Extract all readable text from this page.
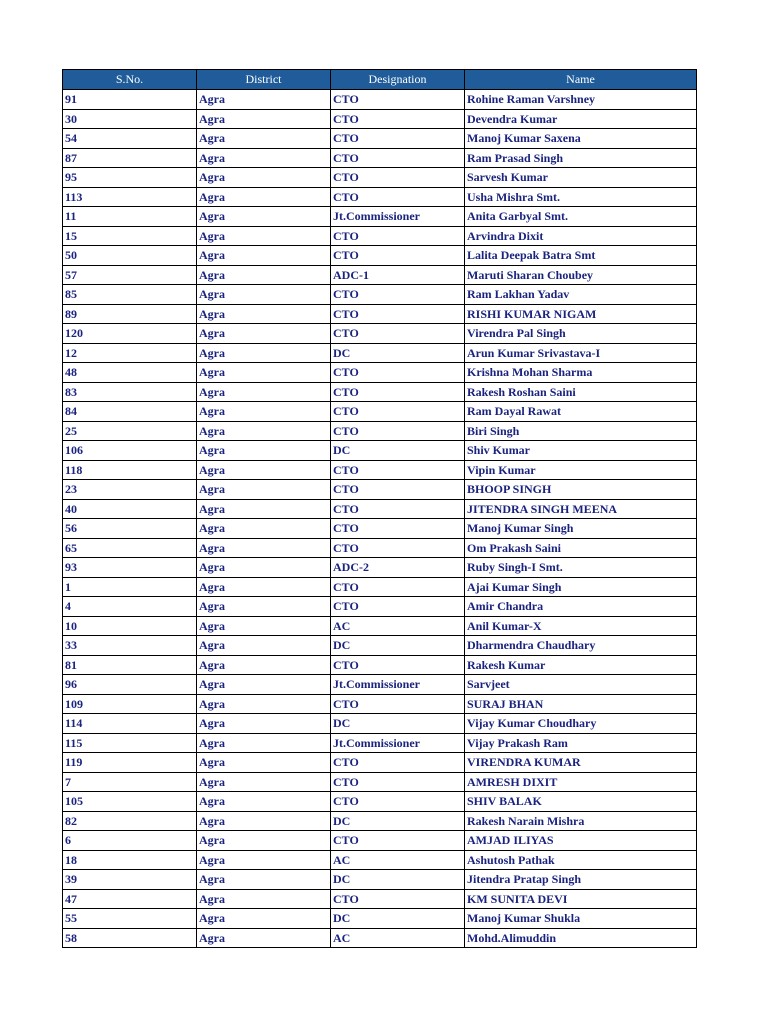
S.No.	District	Designation	Name
91	Agra	CTO	Rohine Raman Varshney
30	Agra	CTO	Devendra Kumar
54	Agra	CTO	Manoj Kumar Saxena
87	Agra	CTO	Ram Prasad Singh
95	Agra	CTO	Sarvesh Kumar
113	Agra	CTO	Usha Mishra Smt.
11	Agra	Jt.Commissioner	Anita Garbyal Smt.
15	Agra	CTO	Arvindra Dixit
50	Agra	CTO	Lalita Deepak Batra Smt
57	Agra	ADC-1	Maruti Sharan Choubey
85	Agra	CTO	Ram Lakhan Yadav
89	Agra	CTO	RISHI KUMAR NIGAM
120	Agra	CTO	Virendra Pal Singh
12	Agra	DC	Arun Kumar Srivastava-I
48	Agra	CTO	Krishna Mohan Sharma
83	Agra	CTO	Rakesh Roshan Saini
84	Agra	CTO	Ram Dayal Rawat
25	Agra	CTO	Biri Singh
106	Agra	DC	Shiv Kumar
118	Agra	CTO	Vipin Kumar
23	Agra	CTO	BHOOP SINGH
40	Agra	CTO	JITENDRA SINGH MEENA
56	Agra	CTO	Manoj Kumar Singh
65	Agra	CTO	Om Prakash Saini
93	Agra	ADC-2	Ruby Singh-I Smt.
1	Agra	CTO	Ajai Kumar Singh
4	Agra	CTO	Amir Chandra
10	Agra	AC	Anil Kumar-X
33	Agra	DC	Dharmendra Chaudhary
81	Agra	CTO	Rakesh Kumar
96	Agra	Jt.Commissioner	Sarvjeet
109	Agra	CTO	SURAJ BHAN
114	Agra	DC	Vijay Kumar Choudhary
115	Agra	Jt.Commissioner	Vijay Prakash Ram
119	Agra	CTO	VIRENDRA KUMAR
7	Agra	CTO	AMRESH DIXIT
105	Agra	CTO	SHIV BALAK
82	Agra	DC	Rakesh Narain Mishra
6	Agra	CTO	AMJAD ILIYAS
18	Agra	AC	Ashutosh Pathak
39	Agra	DC	Jitendra Pratap Singh
47	Agra	CTO	KM SUNITA DEVI
55	Agra	DC	Manoj Kumar Shukla
58	Agra	AC	Mohd.Alimuddin
